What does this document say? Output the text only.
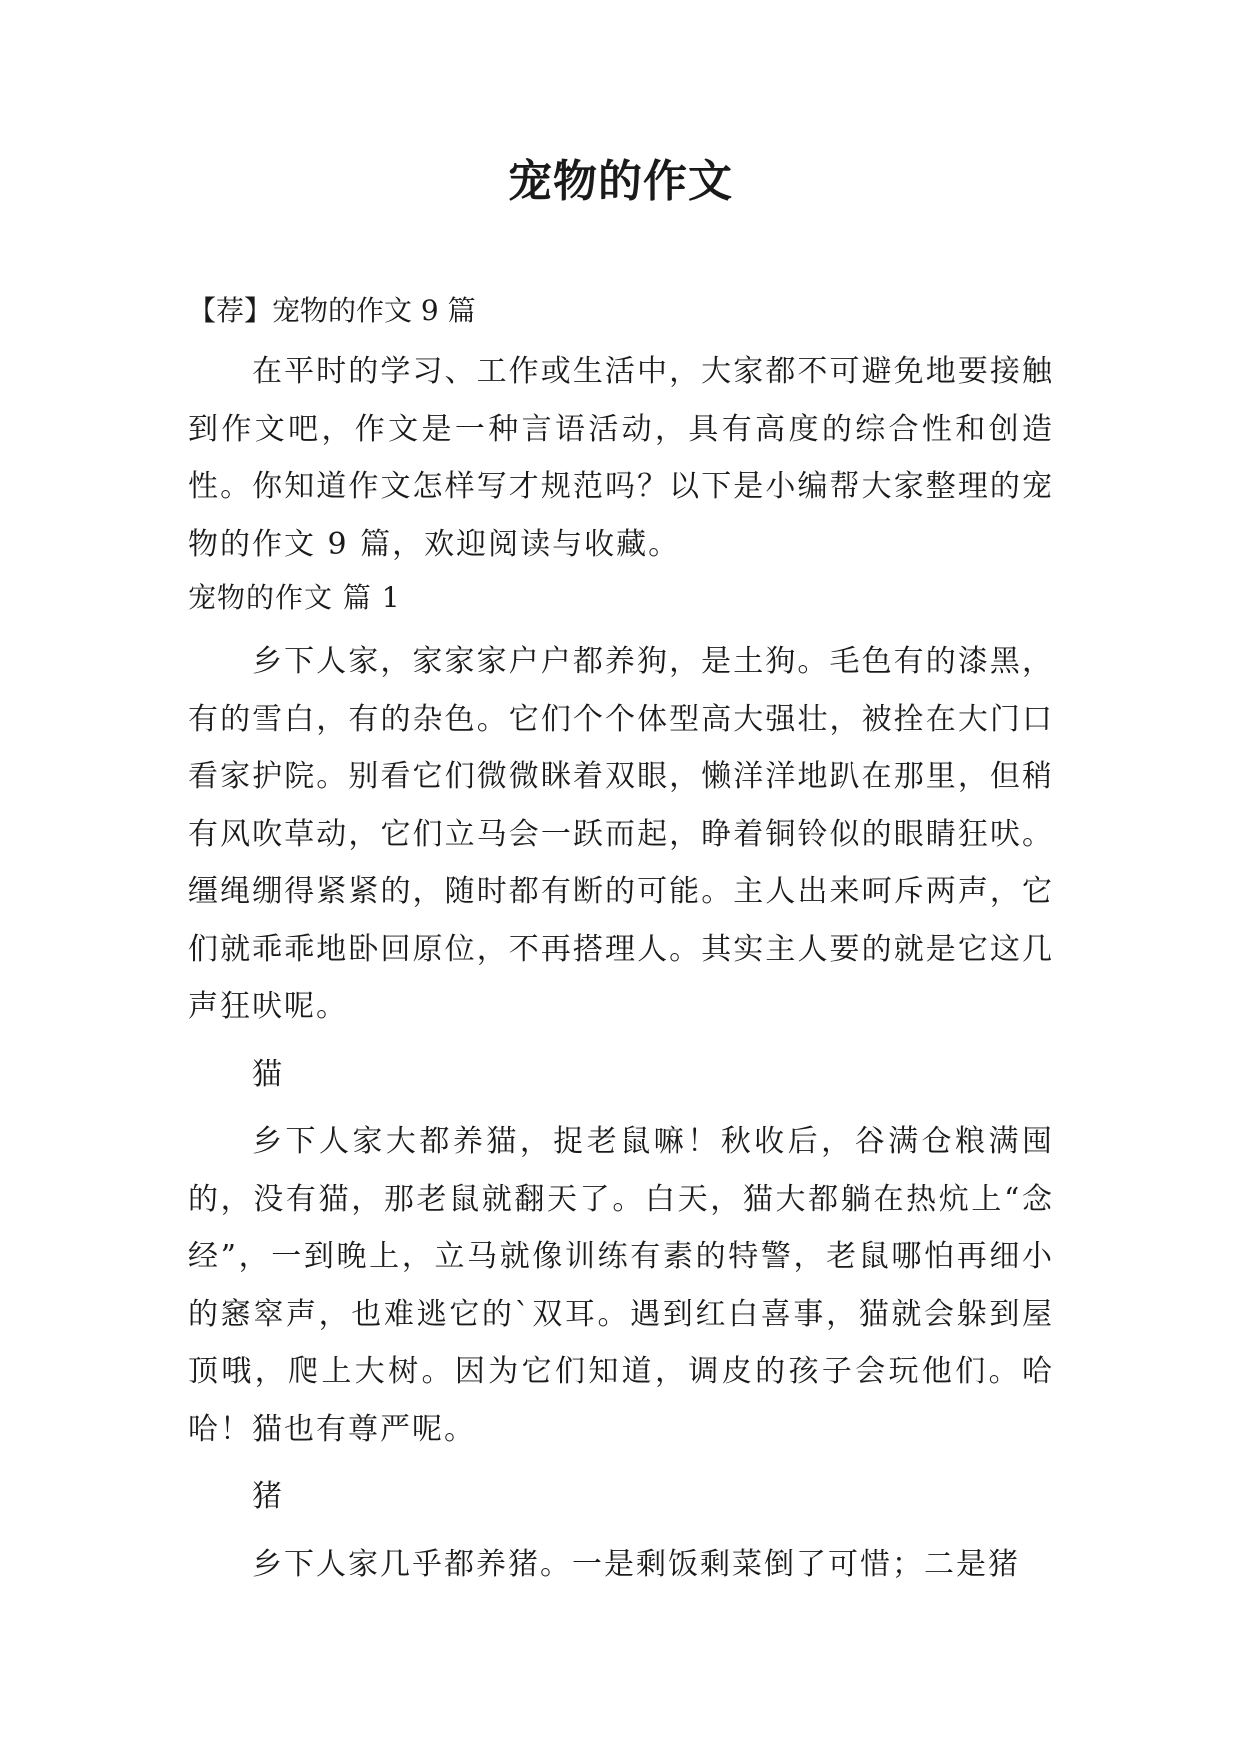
宠物的作文

【荐】宠物的作文 9 篇

在平时的学习、工作或生活中，大家都不可避免地要接触到作文吧，作文是一种言语活动，具有高度的综合性和创造性。你知道作文怎样写才规范吗？以下是小编帮大家整理的宠物的作文 9 篇，欢迎阅读与收藏。

宠物的作文 篇 1

乡下人家，家家家户户都养狗，是土狗。毛色有的漆黑，有的雪白，有的杂色。它们个个体型高大强壮，被拴在大门口看家护院。别看它们微微眯着双眼，懒洋洋地趴在那里，但稍有风吹草动，它们立马会一跃而起，睁着铜铃似的眼睛狂吠。缰绳绷得紧紧的，随时都有断的可能。主人出来呵斥两声，它们就乖乖地卧回原位，不再搭理人。其实主人要的就是它这几声狂吠呢。

猫

乡下人家大都养猫，捉老鼠嘛！秋收后，谷满仓粮满囤的，没有猫，那老鼠就翻天了。白天，猫大都躺在热炕上“念经”，一到晚上，立马就像训练有素的特警，老鼠哪怕再细小的窸窣声，也难逃它的`双耳。遇到红白喜事，猫就会躲到屋顶哦，爬上大树。因为它们知道，调皮的孩子会玩他们。哈哈！猫也有尊严呢。

猪

乡下人家几乎都养猪。一是剩饭剩菜倒了可惜；二是猪
